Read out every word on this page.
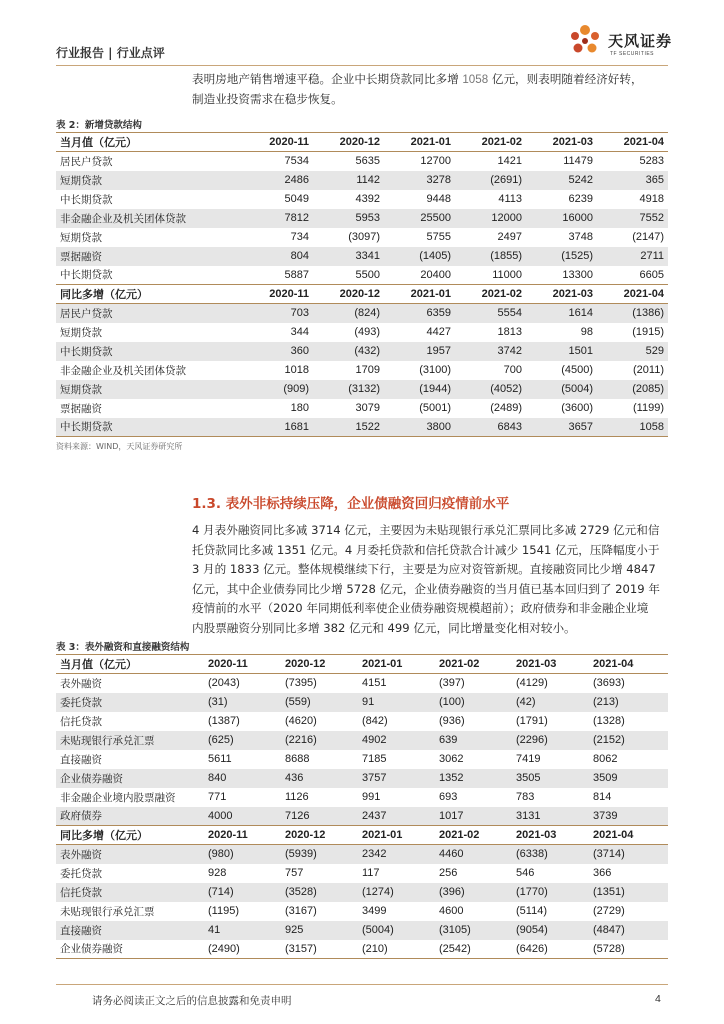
行业报告 | 行业点评
天风证券
TF SECURITIES
表明房地产销售增速平稳。企业中长期贷款同比多增 1058 亿元，则表明随着经济好转，
制造业投资需求在稳步恢复。
表 2：新增贷款结构
当月值（亿元）	2020-11	2020-12	2021-01	2021-02	2021-03	2021-04
居民户贷款	7534	5635	12700	1421	11479	5283
短期贷款	2486	1142	3278	(2691)	5242	365
中长期贷款	5049	4392	9448	4113	6239	4918
非金融企业及机关团体贷款	7812	5953	25500	12000	16000	7552
短期贷款	734	(3097)	5755	2497	3748	(2147)
票据融资	804	3341	(1405)	(1855)	(1525)	2711
中长期贷款	5887	5500	20400	11000	13300	6605
同比多增（亿元）	2020-11	2020-12	2021-01	2021-02	2021-03	2021-04
居民户贷款	703	(824)	6359	5554	1614	(1386)
短期贷款	344	(493)	4427	1813	98	(1915)
中长期贷款	360	(432)	1957	3742	1501	529
非金融企业及机关团体贷款	1018	1709	(3100)	700	(4500)	(2011)
短期贷款	(909)	(3132)	(1944)	(4052)	(5004)	(2085)
票据融资	180	3079	(5001)	(2489)	(3600)	(1199)
中长期贷款	1681	1522	3800	6843	3657	1058
资料来源：WIND，天风证券研究所
1.3. 表外非标持续压降，企业债融资回归疫情前水平
4 月表外融资同比多减 3714 亿元，主要因为未贴现银行承兑汇票同比多减 2729 亿元和信
托贷款同比多减 1351 亿元。4 月委托贷款和信托贷款合计减少 1541 亿元，压降幅度小于
3 月的 1833 亿元。整体规模继续下行，主要是为应对资管新规。直接融资同比少增 4847
亿元，其中企业债券同比少增 5728 亿元，企业债券融资的当月值已基本回归到了 2019 年
疫情前的水平（2020 年同期低利率使企业债券融资规模超前）；政府债券和非金融企业境
内股票融资分别同比多增 382 亿元和 499 亿元，同比增量变化相对较小。
表 3：表外融资和直接融资结构
当月值（亿元）	2020-11	2020-12	2021-01	2021-02	2021-03	2021-04
表外融资	(2043)	(7395)	4151	(397)	(4129)	(3693)
委托贷款	(31)	(559)	91	(100)	(42)	(213)
信托贷款	(1387)	(4620)	(842)	(936)	(1791)	(1328)
未贴现银行承兑汇票	(625)	(2216)	4902	639	(2296)	(2152)
直接融资	5611	8688	7185	3062	7419	8062
企业债券融资	840	436	3757	1352	3505	3509
非金融企业境内股票融资	771	1126	991	693	783	814
政府债券	4000	7126	2437	1017	3131	3739
同比多增（亿元）	2020-11	2020-12	2021-01	2021-02	2021-03	2021-04
表外融资	(980)	(5939)	2342	4460	(6338)	(3714)
委托贷款	928	757	117	256	546	366
信托贷款	(714)	(3528)	(1274)	(396)	(1770)	(1351)
未贴现银行承兑汇票	(1195)	(3167)	3499	4600	(5114)	(2729)
直接融资	41	925	(5004)	(3105)	(9054)	(4847)
企业债券融资	(2490)	(3157)	(210)	(2542)	(6426)	(5728)
请务必阅读正文之后的信息披露和免责申明	4
